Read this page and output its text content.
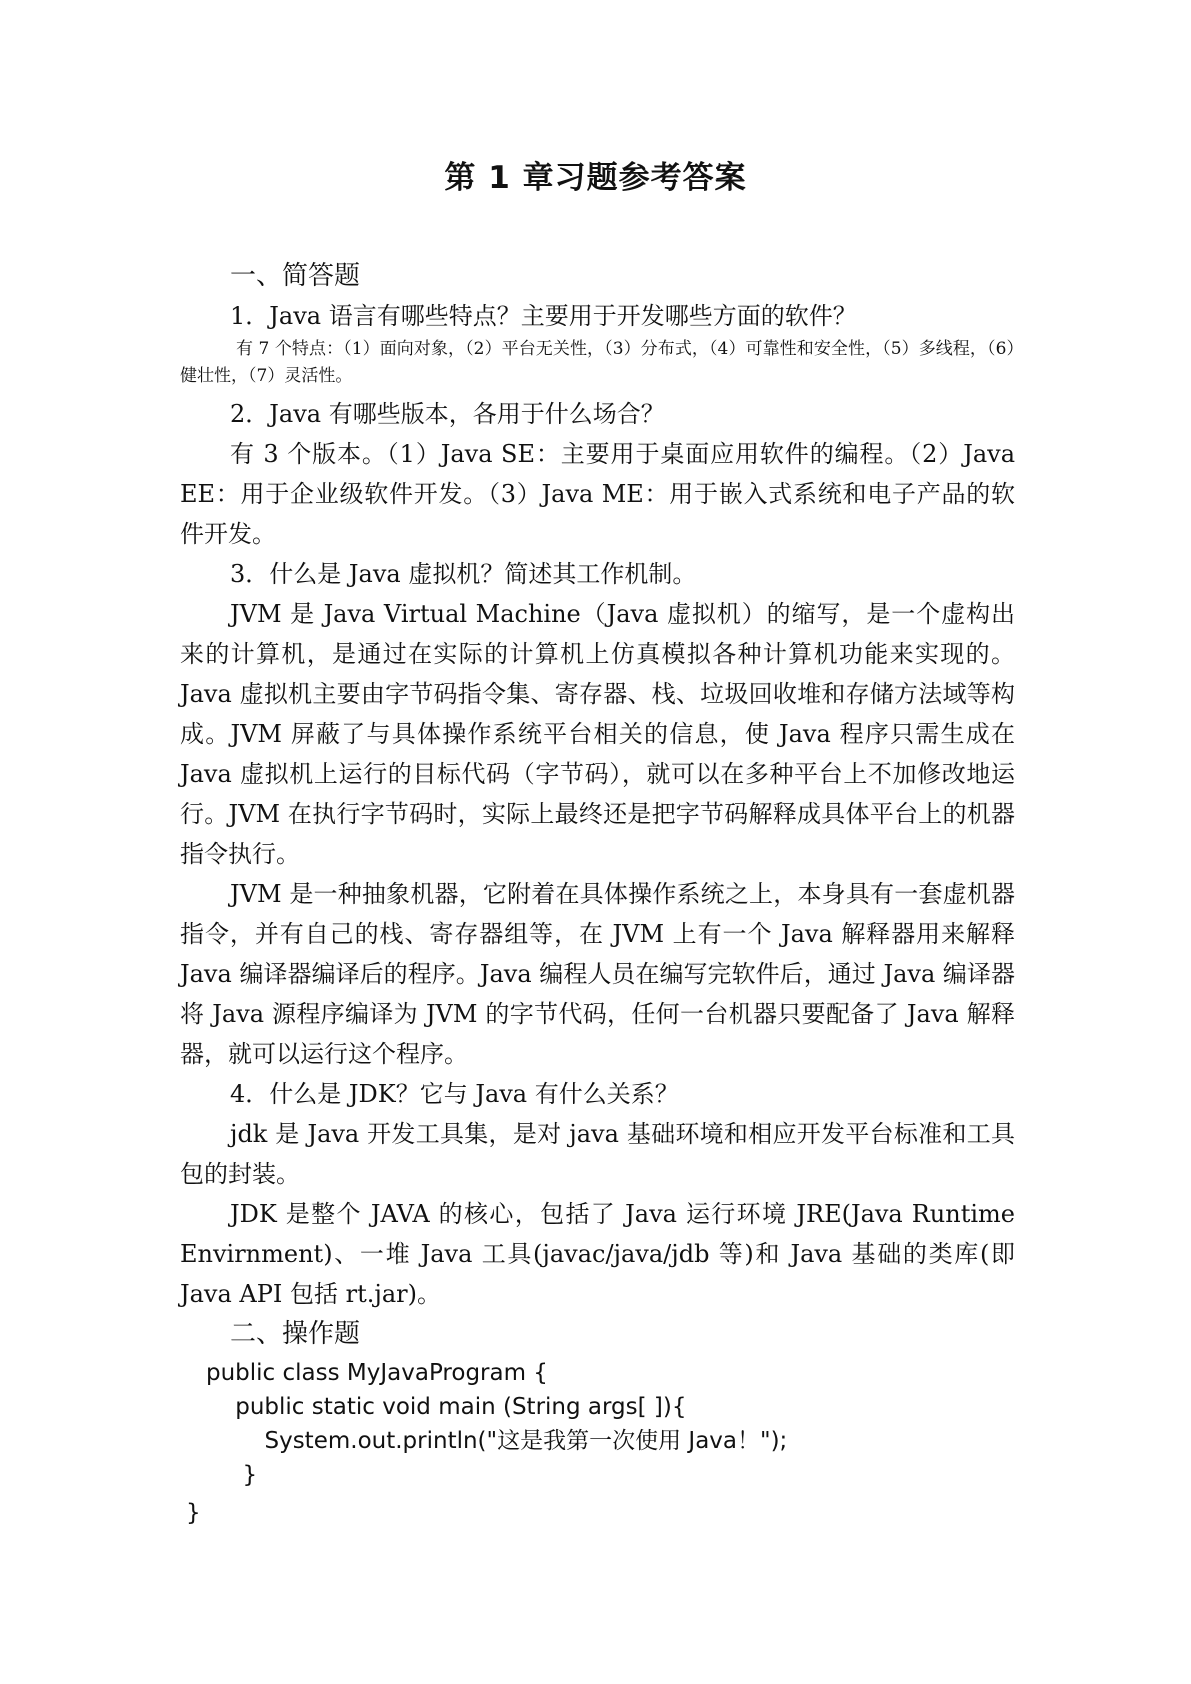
第 1 章习题参考答案
一、简答题

1．Java 语言有哪些特点？主要用于开发哪些方面的软件？

有 7 个特点：（1）面向对象，（2）平台无关性，（3）分布式，（4）可靠性和安全性，（5）多线程，（6）健壮性，（7）灵活性。

2．Java 有哪些版本，各用于什么场合？

有 3 个版本。（1）Java SE：主要用于桌面应用软件的编程。（2）Java EE：用于企业级软件开发。（3）Java ME：用于嵌入式系统和电子产品的软件开发。

3．什么是 Java 虚拟机？简述其工作机制。

JVM 是 Java Virtual Machine（Java 虚拟机）的缩写，是一个虚构出来的计算机，是通过在实际的计算机上仿真模拟各种计算机功能来实现的。Java 虚拟机主要由字节码指令集、寄存器、栈、垃圾回收堆和存储方法域等构成。JVM 屏蔽了与具体操作系统平台相关的信息，使 Java 程序只需生成在 Java 虚拟机上运行的目标代码（字节码），就可以在多种平台上不加修改地运行。JVM 在执行字节码时，实际上最终还是把字节码解释成具体平台上的机器指令执行。

JVM 是一种抽象机器，它附着在具体操作系统之上，本身具有一套虚机器指令，并有自己的栈、寄存器组等，在 JVM 上有一个 Java 解释器用来解释 Java 编译器编译后的程序。Java 编程人员在编写完软件后，通过 Java 编译器将 Java 源程序编译为 JVM 的字节代码，任何一台机器只要配备了 Java 解释器，就可以运行这个程序。

4．什么是 JDK？它与 Java 有什么关系？

jdk 是 Java 开发工具集，是对 java 基础环境和相应开发平台标准和工具包的封装。

JDK 是整个 JAVA 的核心，包括了 Java 运行环境 JRE(Java Runtime Envirnment)、一堆 Java 工具(javac/java/jdb 等)和 Java 基础的类库(即 Java API 包括 rt.jar)。

二、操作题
public class MyJavaProgram {
public static void main (String args[ ]){
System.out.println("这是我第一次使用 Java！");
}
}
